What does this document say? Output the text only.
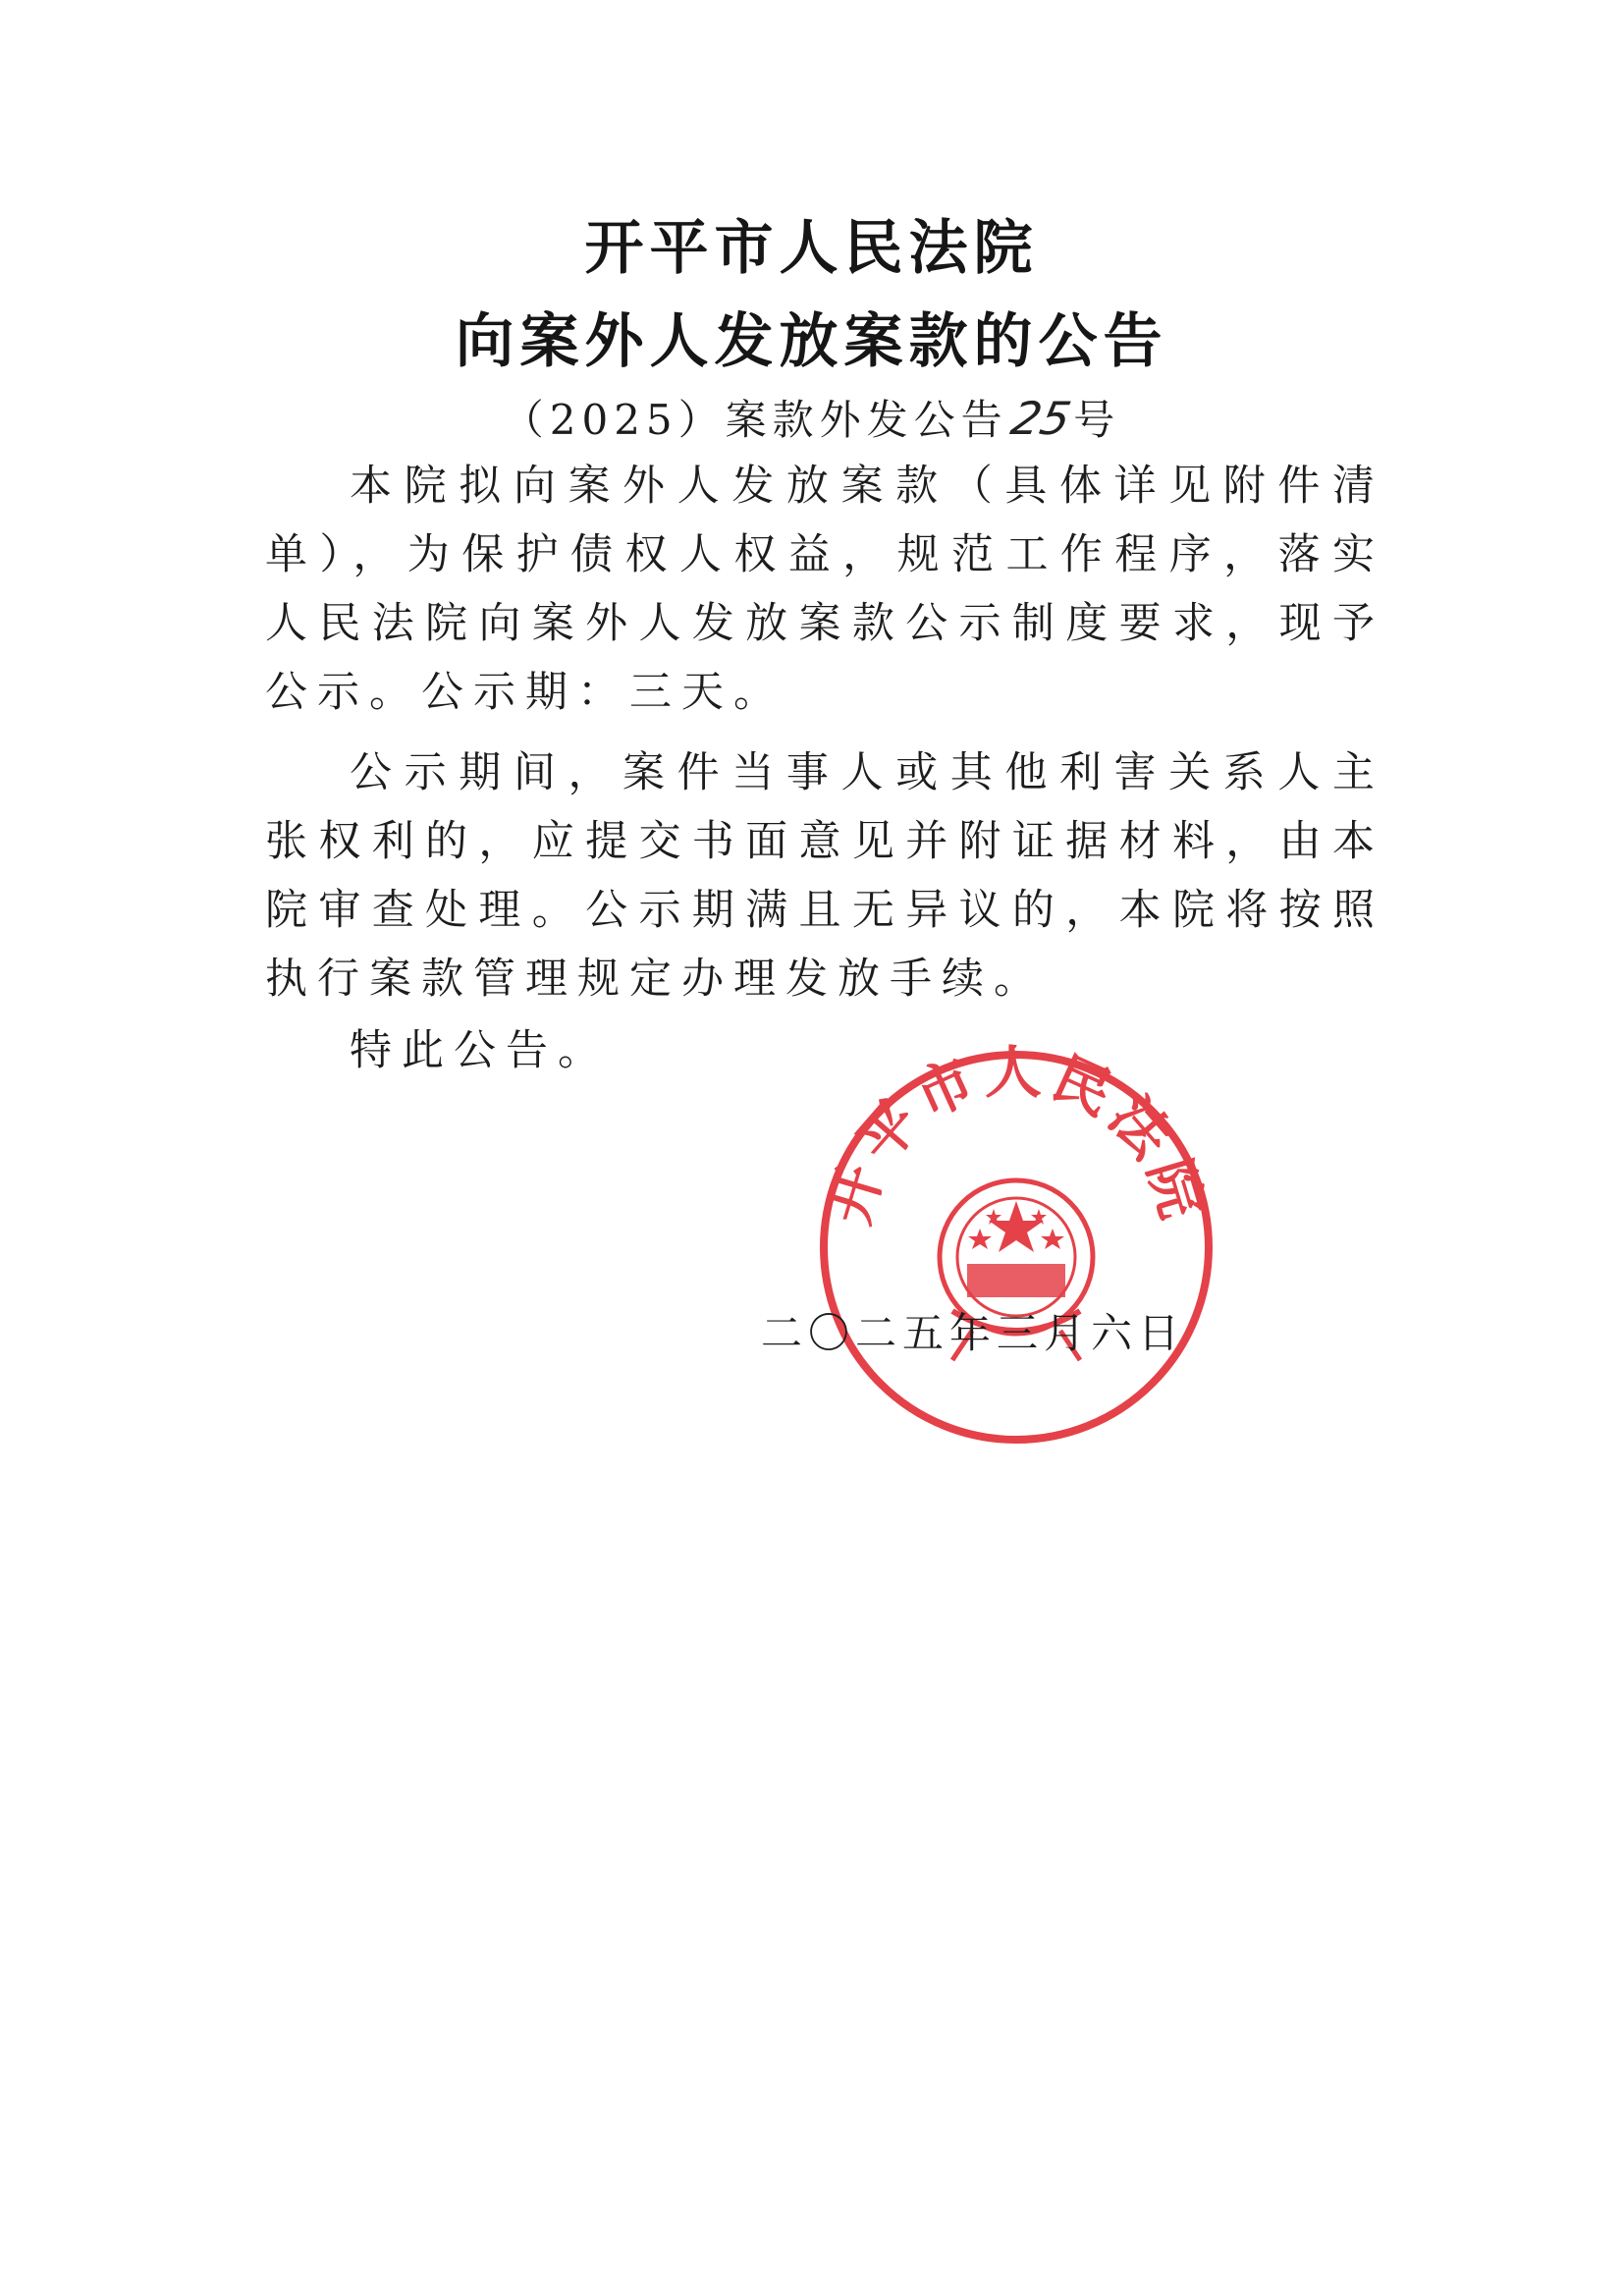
开平市人民法院
向案外人发放案款的公告
（2025）案款外发公告25号

本院拟向案外人发放案款（具体详见附件清单），为保护债权人权益，规范工作程序，落实人民法院向案外人发放案款公示制度要求，现予公示。公示期：三天。

公示期间，案件当事人或其他利害关系人主张权利的，应提交书面意见并附证据材料，由本院审查处理。公示期满且无异议的，本院将按照执行案款管理规定办理发放手续。

特此公告。

开平市人民法院
二〇二五年三月六日
